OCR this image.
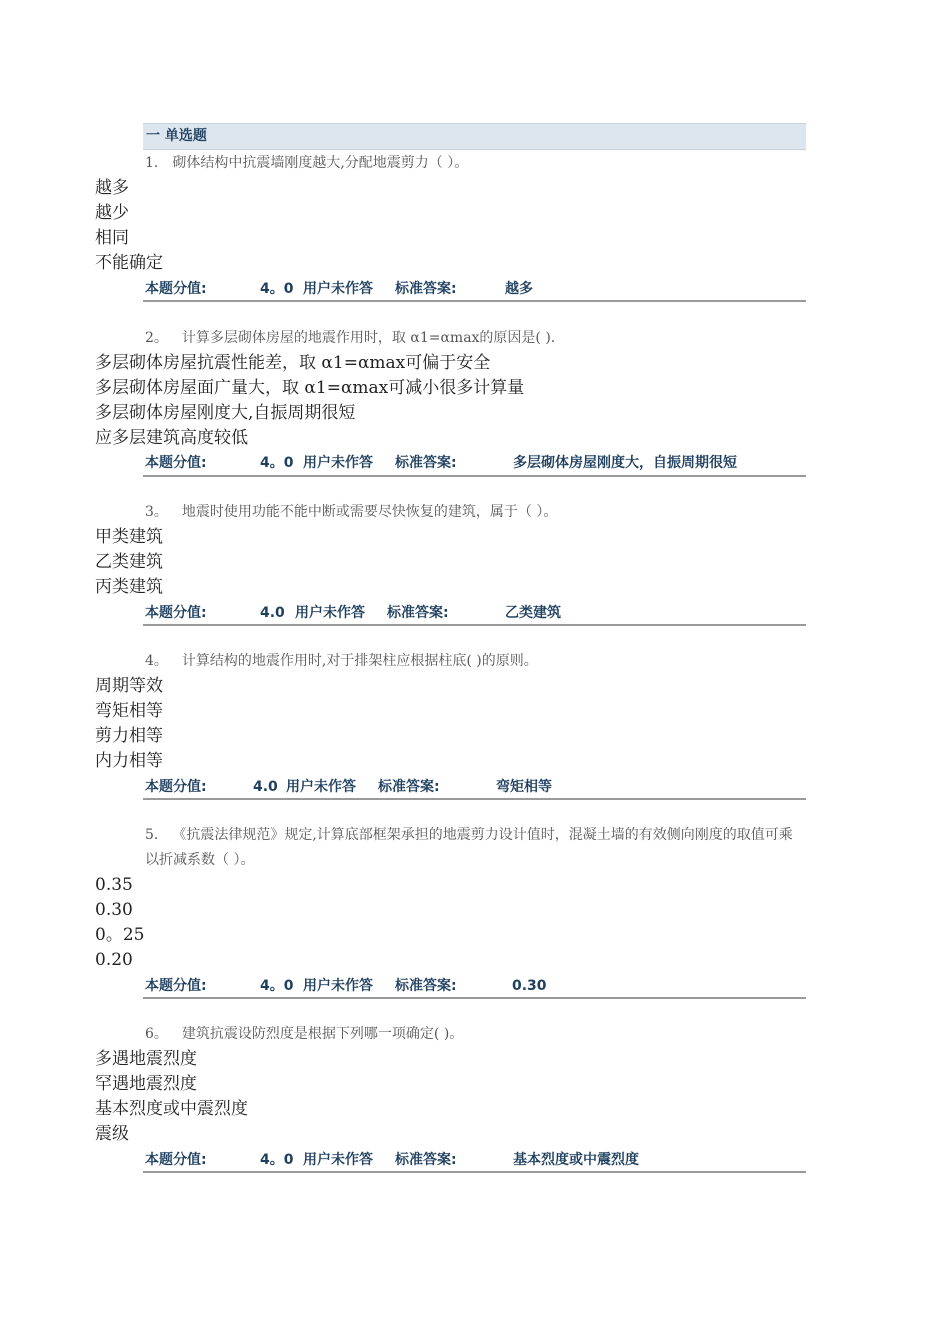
一 单选题
1. 砌体结构中抗震墙刚度越大,分配地震剪力（ ）。
越多
越少
相同
不能确定
本题分值:	4。0 用户未作答 标准答案:	越多
2。 计算多层砌体房屋的地震作用时，取 α1=αmax的原因是( ).
多层砌体房屋抗震性能差，取 α1=αmax可偏于安全
多层砌体房屋面广量大，取 α1=αmax可减小很多计算量
多层砌体房屋刚度大,自振周期很短
应多层建筑高度较低
本题分值:	4。0 用户未作答 标准答案:	多层砌体房屋刚度大，自振周期很短
3。 地震时使用功能不能中断或需要尽快恢复的建筑，属于（ ）。
甲类建筑
乙类建筑
丙类建筑
本题分值:	4.0 用户未作答 标准答案:	乙类建筑
4。 计算结构的地震作用时,对于排架柱应根据柱底( )的原则。
周期等效
弯矩相等
剪力相等
内力相等
本题分值:	4.0 用户未作答 标准答案:	弯矩相等
5. 《抗震法律规范》规定,计算底部框架承担的地震剪力设计值时，混凝土墙的有效侧向刚度的取值可乘以折减系数（ ）。
0.35
0.30
0。25
0.20
本题分值:	4。0 用户未作答 标准答案:	0.30
6。 建筑抗震设防烈度是根据下列哪一项确定( )。
多遇地震烈度
罕遇地震烈度
基本烈度或中震烈度
震级
本题分值:	4。0 用户未作答 标准答案:	基本烈度或中震烈度
